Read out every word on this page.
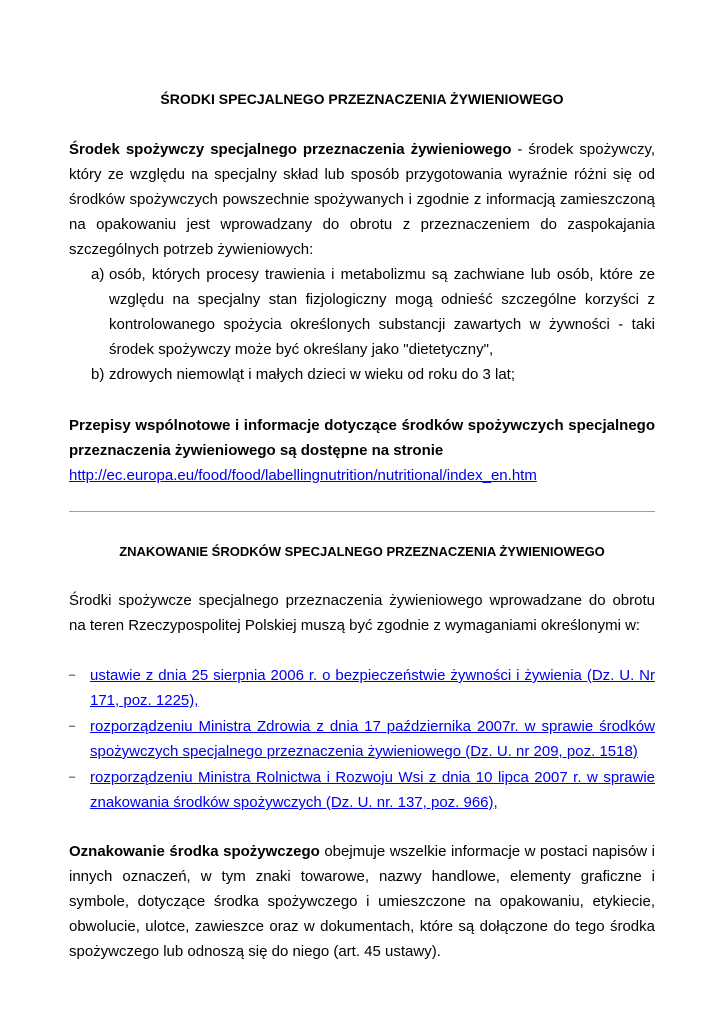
ŚRODKI SPECJALNEGO PRZEZNACZENIA ŻYWIENIOWEGO
Środek spożywczy specjalnego przeznaczenia żywieniowego - środek spożywczy, który ze względu na specjalny skład lub sposób przygotowania wyraźnie różni się od środków spożywczych powszechnie spożywanych i zgodnie z informacją zamieszczoną na opakowaniu jest wprowadzany do obrotu z przeznaczeniem do zaspokajania szczególnych potrzeb żywieniowych:
a) osób, których procesy trawienia i metabolizmu są zachwiane lub osób, które ze względu na specjalny stan fizjologiczny mogą odnieść szczególne korzyści z kontrolowanego spożycia określonych substancji zawartych w żywności - taki środek spożywczy może być określany jako "dietetyczny",
b) zdrowych niemowląt i małych dzieci w wieku od roku do 3 lat;
Przepisy wspólnotowe i informacje dotyczące środków spożywczych specjalnego przeznaczenia żywieniowego są dostępne na stronie
http://ec.europa.eu/food/food/labellingnutrition/nutritional/index_en.htm
ZNAKOWANIE ŚRODKÓW SPECJALNEGO PRZEZNACZENIA ŻYWIENIOWEGO
Środki spożywcze specjalnego przeznaczenia żywieniowego wprowadzane do obrotu na teren Rzeczypospolitej Polskiej muszą być zgodnie z wymaganiami określonymi w:
– ustawie z dnia 25 sierpnia 2006 r. o bezpieczeństwie żywności i żywienia (Dz. U. Nr 171, poz. 1225),
– rozporządzeniu Ministra Zdrowia z dnia 17 października 2007r. w sprawie środków spożywczych specjalnego przeznaczenia żywieniowego (Dz. U. nr 209, poz. 1518)
– rozporządzeniu Ministra Rolnictwa i Rozwoju Wsi z dnia 10 lipca 2007 r. w sprawie znakowania środków spożywczych (Dz. U. nr. 137, poz. 966),
Oznakowanie środka spożywczego obejmuje wszelkie informacje w postaci napisów i innych oznaczeń, w tym znaki towarowe, nazwy handlowe, elementy graficzne i symbole, dotyczące środka spożywczego i umieszczone na opakowaniu, etykiecie, obwolucie, ulotce, zawieszce oraz w dokumentach, które są dołączone do tego środka spożywczego lub odnoszą się do niego (art. 45 ustawy).
